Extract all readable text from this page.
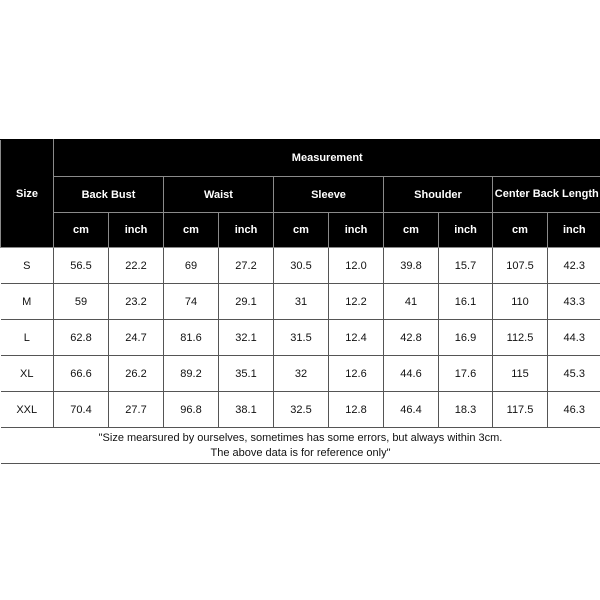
Size	Measurement									
	Back Bust		Waist		Sleeve		Shoulder		Center Back Length	
	cm	inch	cm	inch	cm	inch	cm	inch	cm	inch
S	56.5	22.2	69	27.2	30.5	12.0	39.8	15.7	107.5	42.3
M	59	23.2	74	29.1	31	12.2	41	16.1	110	43.3
L	62.8	24.7	81.6	32.1	31.5	12.4	42.8	16.9	112.5	44.3
XL	66.6	26.2	89.2	35.1	32	12.6	44.6	17.6	115	45.3
XXL	70.4	27.7	96.8	38.1	32.5	12.8	46.4	18.3	117.5	46.3

"Size mearsured by ourselves, sometimes has some errors, but always within 3cm.
The above data is for reference only"										
